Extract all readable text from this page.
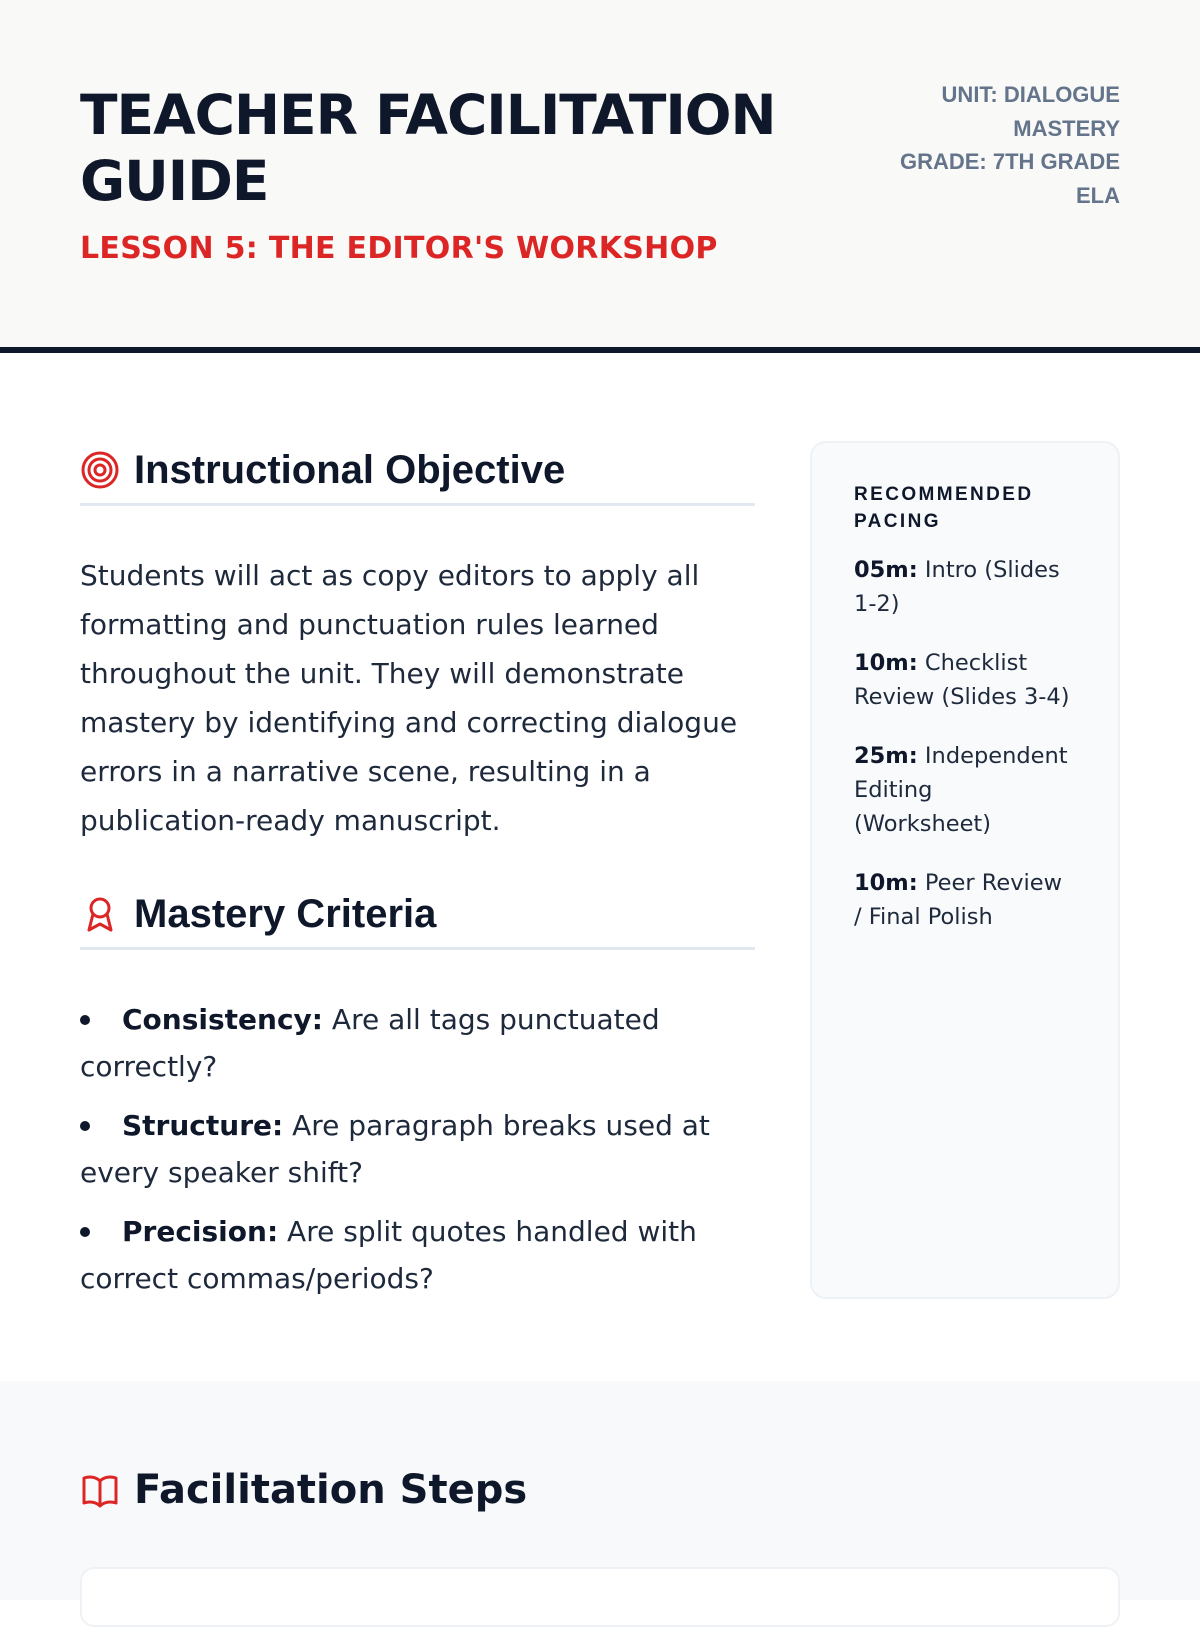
TEACHER FACILITATION GUIDE
LESSON 5: THE EDITOR'S WORKSHOP
UNIT: DIALOGUE MASTERY
GRADE: 7TH GRADE ELA
Instructional Objective

Students will act as copy editors to apply all formatting and punctuation rules learned throughout the unit. They will demonstrate mastery by identifying and correcting dialogue errors in a narrative scene, resulting in a publication-ready manuscript.

Mastery Criteria
Consistency: Are all tags punctuated correctly?
Structure: Are paragraph breaks used at every speaker shift?
Precision: Are split quotes handled with correct commas/periods?
RECOMMENDED PACING
05m: Intro (Slides 1-2)
10m: Checklist Review (Slides 3-4)
25m: Independent Editing (Worksheet)
10m: Peer Review / Final Polish
Facilitation Steps
